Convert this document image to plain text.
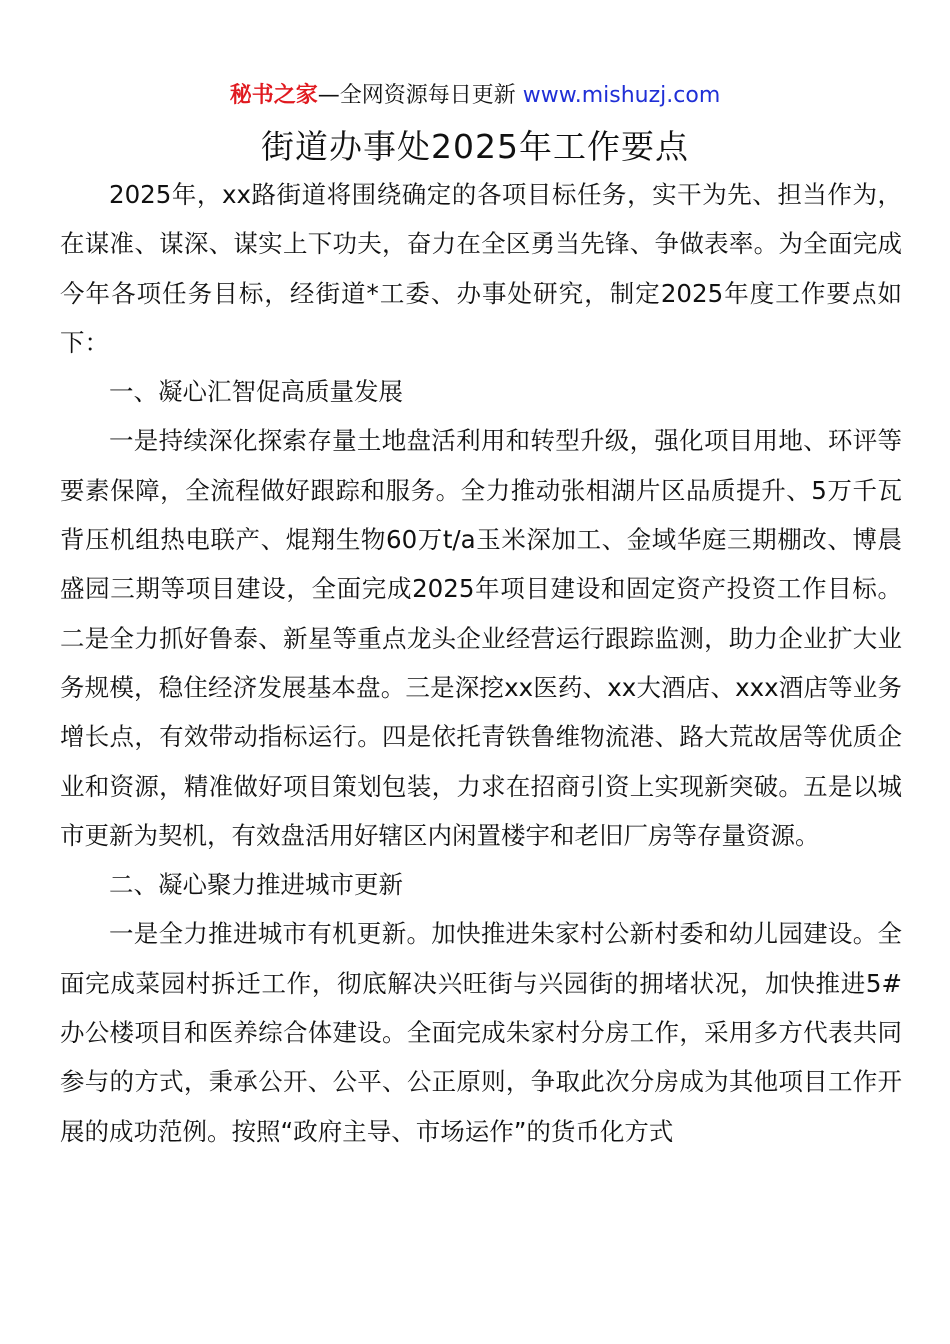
秘书之家—全网资源每日更新 www.mishuzj.com
街道办事处2025年工作要点

2025年，xx路街道将围绕确定的各项目标任务，实干为先、担当作为，在谋准、谋深、谋实上下功夫，奋力在全区勇当先锋、争做表率。为全面完成今年各项任务目标，经街道*工委、办事处研究，制定2025年度工作要点如下：

一、凝心汇智促高质量发展

一是持续深化探索存量土地盘活利用和转型升级，强化项目用地、环评等要素保障，全流程做好跟踪和服务。全力推动张相湖片区品质提升、5万千瓦背压机组热电联产、焜翔生物60万t/a玉米深加工、金域华庭三期棚改、博晨盛园三期等项目建设，全面完成2025年项目建设和固定资产投资工作目标。二是全力抓好鲁泰、新星等重点龙头企业经营运行跟踪监测，助力企业扩大业务规模，稳住经济发展基本盘。三是深挖xx医药、xx大酒店、xxx酒店等业务增长点，有效带动指标运行。四是依托青铁鲁维物流港、路大荒故居等优质企业和资源，精准做好项目策划包装，力求在招商引资上实现新突破。五是以城市更新为契机，有效盘活用好辖区内闲置楼宇和老旧厂房等存量资源。

二、凝心聚力推进城市更新

一是全力推进城市有机更新。加快推进朱家村公新村委和幼儿园建设。全面完成菜园村拆迁工作，彻底解决兴旺街与兴园街的拥堵状况，加快推进5#办公楼项目和医养综合体建设。全面完成朱家村分房工作，采用多方代表共同参与的方式，秉承公开、公平、公正原则，争取此次分房成为其他项目工作开展的成功范例。按照“政府主导、市场运作”的货币化方式
